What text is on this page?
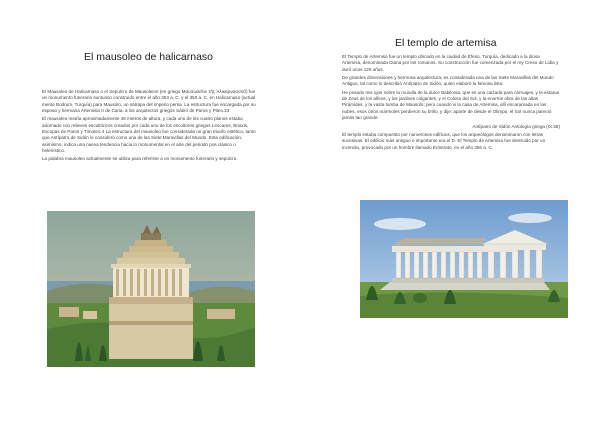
El mausoleo de halicarnaso

El Mausoleo de Halicarnaso o el Sepulcro de Mausoleion (en griego Μαυσωλεῖον τῆς Ἁλικαρνασσοῦ) fue un monumento funerario suntuoso construido entre el año 353 a. C. y el 350 a. C. en Halicarnaso (actual mente Bodrum, Turquía) para Mausolo, un sátrapa del imperio persa. La estructura fue encargada por su esposa y hermana Artemisia II de Caria, a los arquitectos griegos Sátiro de Paros y Piteo.23

El mausoleo medía aproximadamente 46 metros de altura, y cada uno de los cuatro planos estaba adornado con relieves escultóricos creados por cada uno de los escultores griegos Leocares, Briaxis, Escopas de Paros y Timoteo.4 La estructura del mausoleo fue considerada un gran triunfo estético, tanto que Antípatro de Sidón lo consideró como una de las Siete Maravillas del Mundo. Esta edificación, asimismo, indica una nueva tendencia hacia lo monumental en el arte del periodo pos clásico o helenístico.

La palabra mausoleo actualmente se utiliza para referirse a un monumento funerario y sepulcro.

El templo de artemisa

El Templo de Artemisa fue un templo ubicado en la ciudad de Éfeso, Turquía, dedicado a la diosa Artemisa, denominada Diana por los romanos. Su construcción fue comenzada por el rey Creso de Lidia y duró unos 120 años.

De grandes dimensiones y hermosa arquitectura, es considerada una de las Siete Maravillas del Mundo Antiguo, tal como lo describió Antípatro de Sidón, quien elaboró la famosa lista:

He posado mis ojos sobre la muralla de la dulce Babilonia, que es una calzada para carruajes, y la estatua de Zeus de los alfeos, y los jardines colgantes, y el Coloso del Sol, y la enorme obra de las altas Pirámides, y la vasta tumba de Mausolo; pero cuando vi la casa de Artemisa, allí encaramada en las nubes, esos otros mármoles perdieron su brillo, y dije: aparte de desde el Olimpo, el Sol nunca pareció jamás tan grande

Antípatro de Sidón Antología griega (IX.58)

El templo estaba compuesto por numerosos edificios, que los arqueólogos denominaron con letras sucesivas. El edificio más antiguo e importante era el D. El Templo de Artemisa fue destruido por un incendio, provocado por un hombre llamado Eróstrato, en el año 356 a. C.
